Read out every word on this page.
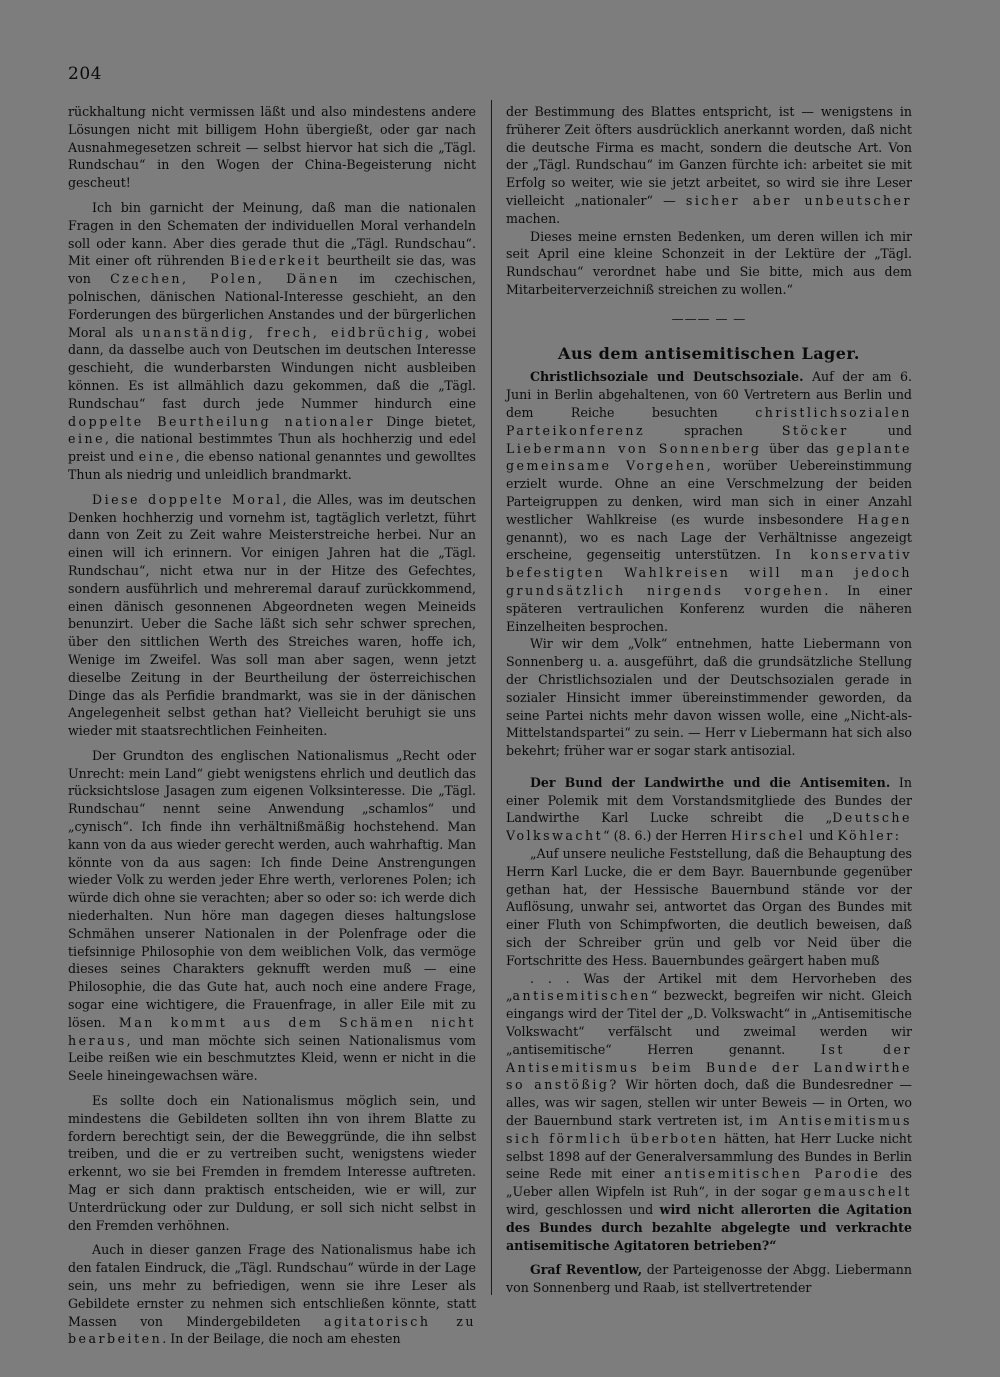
204

rückhaltung nicht vermissen läßt und also mindestens andere Lösungen nicht mit billigem Hohn übergießt, oder gar nach Ausnahmegesetzen schreit — selbst hiervor hat sich die „Tägl. Rundschau“ in den Wogen der China-Begeisterung nicht gescheut!

Ich bin garnicht der Meinung, daß man die nationalen Fragen in den Schematen der individuellen Moral verhandeln soll oder kann. Aber dies gerade thut die „Tägl. Rundschau“. Mit einer oft rührenden Biederkeit beurtheilt sie das, was von Czechen, Polen, Dänen im czechischen, polnischen, dänischen National-Interesse geschieht, an den Forderungen des bürgerlichen Anstandes und der bürgerlichen Moral als unanständig, frech, eidbrüchig, wobei dann, da dasselbe auch von Deutschen im deutschen Interesse geschieht, die wunderbarsten Windungen nicht ausbleiben können. Es ist allmählich dazu gekommen, daß die „Tägl. Rundschau“ fast durch jede Nummer hindurch eine doppelte Beurtheilung nationaler Dinge bietet, eine, die national bestimmtes Thun als hochherzig und edel preist und eine, die ebenso national genanntes und gewolltes Thun als niedrig und unleidlich brandmarkt.

Diese doppelte Moral, die Alles, was im deutschen Denken hochherzig und vornehm ist, tagtäglich verletzt, führt dann von Zeit zu Zeit wahre Meisterstreiche herbei. Nur an einen will ich erinnern. Vor einigen Jahren hat die „Tägl. Rundschau“, nicht etwa nur in der Hitze des Gefechtes, sondern ausführlich und mehreremal darauf zurückkommend, einen dänisch gesonnenen Abgeordneten wegen Meineids benunzirt. Ueber die Sache läßt sich sehr schwer sprechen, über den sittlichen Werth des Streiches waren, hoffe ich, Wenige im Zweifel. Was soll man aber sagen, wenn jetzt dieselbe Zeitung in der Beurtheilung der österreichischen Dinge das als Perfidie brandmarkt, was sie in der dänischen Angelegenheit selbst gethan hat? Vielleicht beruhigt sie uns wieder mit staatsrechtlichen Feinheiten.

Der Grundton des englischen Nationalismus „Recht oder Unrecht: mein Land“ giebt wenigstens ehrlich und deutlich das rücksichtslose Jasagen zum eigenen Volksinteresse. Die „Tägl. Rundschau“ nennt seine Anwendung „schamlos“ und „cynisch“. Ich finde ihn verhältnißmäßig hochstehend. Man kann von da aus wieder gerecht werden, auch wahrhaftig. Man könnte von da aus sagen: Ich finde Deine Anstrengungen wieder Volk zu werden jeder Ehre werth, verlorenes Polen; ich würde dich ohne sie verachten; aber so oder so: ich werde dich niederhalten. Nun höre man dagegen dieses haltungslose Schmähen unserer Nationalen in der Polenfrage oder die tiefsinnige Philosophie von dem weiblichen Volk, das vermöge dieses seines Charakters geknufft werden muß — eine Philosophie, die das Gute hat, auch noch eine andere Frage, sogar eine wichtigere, die Frauenfrage, in aller Eile mit zu lösen. Man kommt aus dem Schämen nicht heraus, und man möchte sich seinen Nationalismus vom Leibe reißen wie ein beschmutztes Kleid, wenn er nicht in die Seele hineingewachsen wäre.

Es sollte doch ein Nationalismus möglich sein, und mindestens die Gebildeten sollten ihn von ihrem Blatte zu fordern berechtigt sein, der die Beweggründe, die ihn selbst treiben, und die er zu vertreiben sucht, wenigstens wieder erkennt, wo sie bei Fremden in fremdem Interesse auftreten. Mag er sich dann praktisch entscheiden, wie er will, zur Unterdrückung oder zur Duldung, er soll sich nicht selbst in den Fremden verhöhnen.

Auch in dieser ganzen Frage des Nationalismus habe ich den fatalen Eindruck, die „Tägl. Rundschau“ würde in der Lage sein, uns mehr zu befriedigen, wenn sie ihre Leser als Gebildete ernster zu nehmen sich entschließen könnte, statt Massen von Mindergebildeten agitatorisch zu bearbeiten. In der Beilage, die noch am ehesten

der Bestimmung des Blattes entspricht, ist — wenigstens in früherer Zeit öfters ausdrücklich anerkannt worden, daß nicht die deutsche Firma es macht, sondern die deutsche Art. Von der „Tägl. Rundschau“ im Ganzen fürchte ich: arbeitet sie mit Erfolg so weiter, wie sie jetzt arbeitet, so wird sie ihre Leser vielleicht „nationaler“ — sicher aber unbeutscher machen.

Dieses meine ernsten Bedenken, um deren willen ich mir seit April eine kleine Schonzeit in der Lektüre der „Tägl. Rundschau“ verordnet habe und Sie bitte, mich aus dem Mitarbeiterverzeichniß streichen zu wollen.“

——— — —
Aus dem antisemitischen Lager.

Christlichsoziale und Deutschsoziale. Auf der am 6. Juni in Berlin abgehaltenen, von 60 Vertretern aus Berlin und dem Reiche besuchten christlichsozialen Parteikonferenz sprachen Stöcker und Liebermann von Sonnenberg über das geplante gemeinsame Vorgehen, worüber Uebereinstimmung erzielt wurde. Ohne an eine Verschmelzung der beiden Parteigruppen zu denken, wird man sich in einer Anzahl westlicher Wahlkreise (es wurde insbesondere Hagen genannt), wo es nach Lage der Verhältnisse angezeigt erscheine, gegenseitig unterstützen. In konservativ befestigten Wahlkreisen will man jedoch grundsätzlich nirgends vorgehen. In einer späteren vertraulichen Konferenz wurden die näheren Einzelheiten besprochen.

Wir wir dem „Volk“ entnehmen, hatte Liebermann von Sonnenberg u. a. ausgeführt, daß die grundsätzliche Stellung der Christlichsozialen und der Deutschsozialen gerade in sozialer Hinsicht immer übereinstimmender geworden, da seine Partei nichts mehr davon wissen wolle, eine „Nicht-als-Mittelstandspartei“ zu sein. — Herr v Liebermann hat sich also bekehrt; früher war er sogar stark antisozial.

Der Bund der Landwirthe und die Antisemiten. In einer Polemik mit dem Vorstandsmitgliede des Bundes der Landwirthe Karl Lucke schreibt die „Deutsche Volkswacht“ (8. 6.) der Herren Hirschel und Köhler:

„Auf unsere neuliche Feststellung, daß die Behauptung des Herrn Karl Lucke, die er dem Bayr. Bauernbunde gegenüber gethan hat, der Hessische Bauernbund stände vor der Auflösung, unwahr sei, antwortet das Organ des Bundes mit einer Fluth von Schimpfworten, die deutlich beweisen, daß sich der Schreiber grün und gelb vor Neid über die Fortschritte des Hess. Bauernbundes geärgert haben muß

. . . Was der Artikel mit dem Hervorheben des „antisemitischen“ bezweckt, begreifen wir nicht. Gleich eingangs wird der Titel der „D. Volkswacht“ in „Antisemitische Volkswacht“ verfälscht und zweimal werden wir „antisemitische“ Herren genannt. Ist der Antisemitismus beim Bunde der Landwirthe so anstößig? Wir hörten doch, daß die Bundesredner — alles, was wir sagen, stellen wir unter Beweis — in Orten, wo der Bauernbund stark vertreten ist, im Antisemitismus sich förmlich überboten hätten, hat Herr Lucke nicht selbst 1898 auf der Generalversammlung des Bundes in Berlin seine Rede mit einer antisemitischen Parodie des „Ueber allen Wipfeln ist Ruh“, in der sogar gemauschelt wird, geschlossen und wird nicht allerorten die Agitation des Bundes durch bezahlte abgelegte und verkrachte antisemitische Agitatoren betrieben?“

Graf Reventlow, der Parteigenosse der Abgg. Liebermann von Sonnenberg und Raab, ist stellvertretender
